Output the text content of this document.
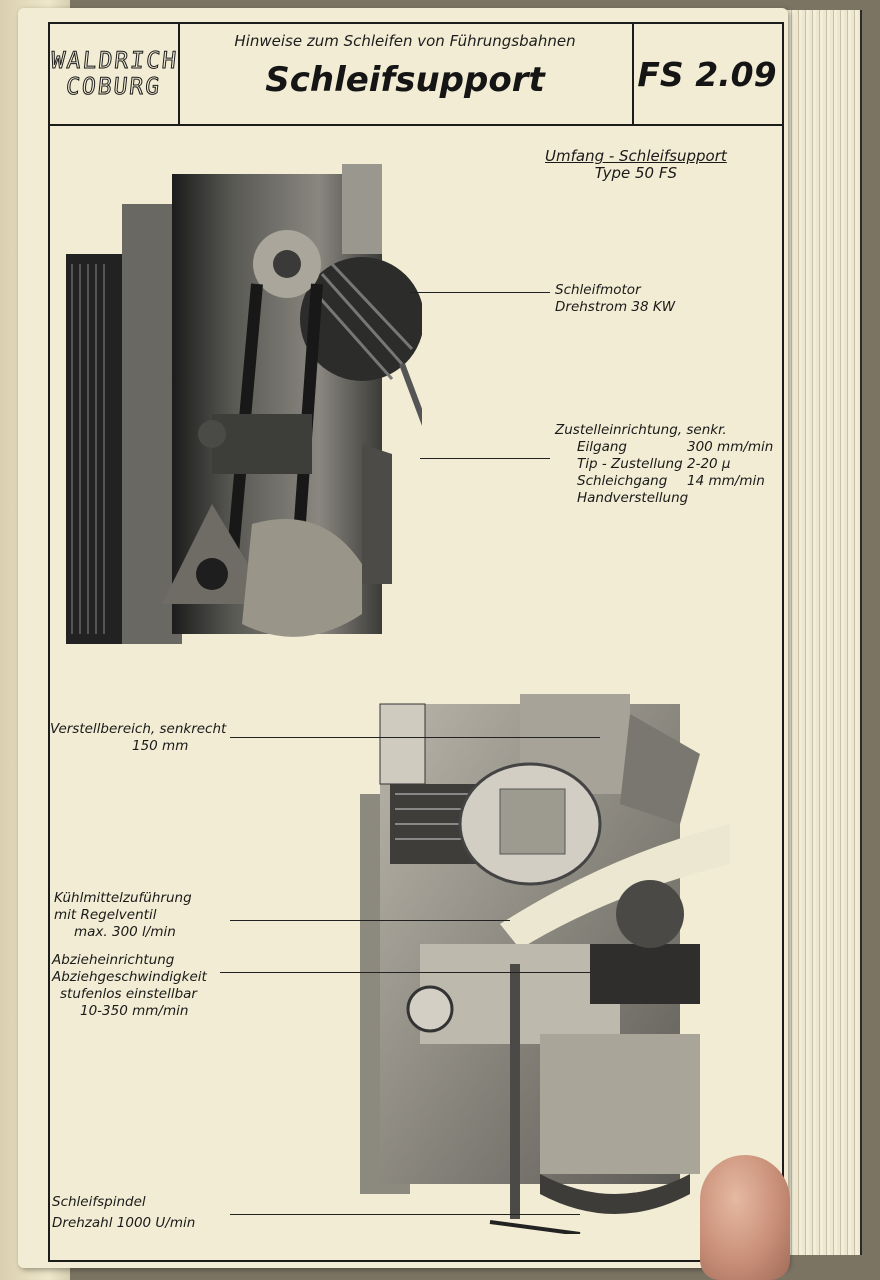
WALDRICH
COBURG
Hinweise zum Schleifen von Führungsbahnen
Schleifsupport	FS 2.09
Umfang - Schleifsupport
Type 50 FS
Schleifmotor
Drehstrom 38 KW
Zustelleinrichtung, senkr.
Eilgang	300 mm/min
Tip - Zustellung 2-20 μ
Schleichgang	14 mm/min
Handverstellung
Verstellbereich, senkrecht
150 mm
Kühlmittelzuführung
mit Regelventil
max. 300 l/min
Abzieheinrichtung
Abziehgeschwindigkeit
stufenlos einstellbar
10-350 mm/min
Schleifspindel
Drehzahl 1000 U/min
